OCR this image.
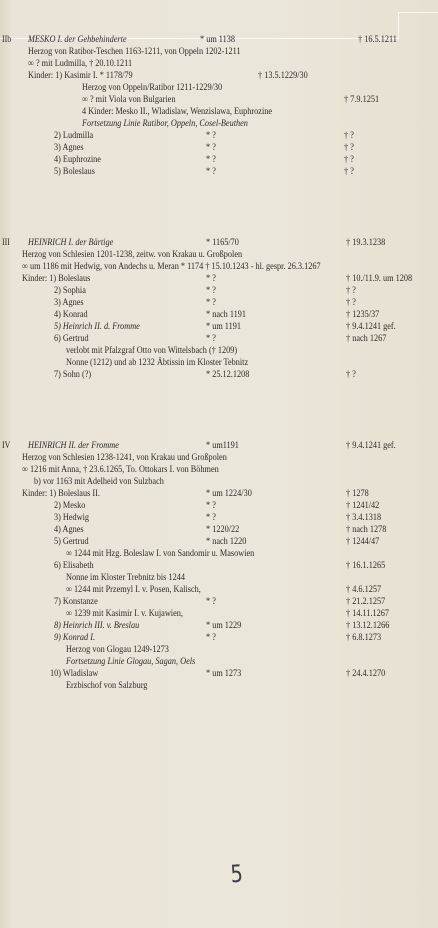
IIb
III
IV
MESKO I. der Gehbehinderte	* um 1138	† 16.5.1211
Herzog von Ratibor-Teschen 1163-1211, von Oppeln 1202-1211
∞ ? mit Ludmilla, † 20.10.1211
Kinder: 1) Kasimir I. * 1178/79	† 13.5.1229/30
Herzog von Oppeln/Ratibor 1211-1229/30
∞ ? mit Viola von Bulgarien	† 7.9.1251
4 Kinder: Mesko II., Wladislaw, Wenzislawa, Euphrozine
Fortsetzung Linie Ratibor, Oppeln, Cosel-Beuthen
2) Ludmilla	* ?	† ?
3) Agnes	* ?	† ?
4) Euphrozine	* ?	† ?
5) Boleslaus	* ?	† ?
HEINRICH I. der Bärtige	* 1165/70	† 19.3.1238
Herzog von Schlesien 1201-1238, zeitw. von Krakau u. Großpolen
∞ um 1186 mit Hedwig, von Andechs u. Meran * 1174 † 15.10.1243 - hl. gespr. 26.3.1267
Kinder: 1) Boleslaus	* ?	† 10./11.9. um 1208
2) Sophia	* ?	† ?
3) Agnes	* ?	† ?
4) Konrad	* nach 1191	† 1235/37
5) Heinrich II. d. Fromme	* um 1191	† 9.4.1241 gef.
6) Gertrud	* ?	† nach 1267
verlobt mit Pfalzgraf Otto von Wittelsbach († 1209)
Nonne (1212) und ab 1232 Äbtissin im Kloster Tebnitz
7) Sohn (?)	* 25.12.1208	† ?
HEINRICH II. der Fromme	* um1191	† 9.4.1241 gef.
Herzog von Schlesien 1238-1241, von Krakau und Großpolen
∞ 1216 mit Anna, † 23.6.1265, To. Ottokars I. von Böhmen
b) vor 1163 mit Adelheid von Sulzbach
Kinder: 1) Boleslaus II.	* um 1224/30	† 1278
2) Mesko	* ?	† 1241/42
3) Hedwig	* ?	† 3.4.1318
4) Agnes	* 1220/22	† nach 1278
5) Gertrud	* nach 1220	† 1244/47
∞ 1244 mit Hzg. Boleslaw I. von Sandomir u. Masowien
6) Elisabeth	† 16.1.1265
Nonne im Kloster Trebnitz bis 1244
∞ 1244 mit Przemyl I. v. Posen, Kalisch,	† 4.6.1257
7) Konstanze	* ?	† 21.2.1257
∞ 1239 mit Kasimir I. v. Kujawien,	† 14.11.1267
8) Heinrich III. v. Breslau	* um 1229	† 13.12.1266
9) Konrad I.	* ?	† 6.8.1273
Herzog von Glogau 1249-1273
Fortsetzung Linie Glogau, Sagan, Oels
10) Wladislaw	* um 1273	† 24.4.1270
Erzbischof von Salzburg
5
